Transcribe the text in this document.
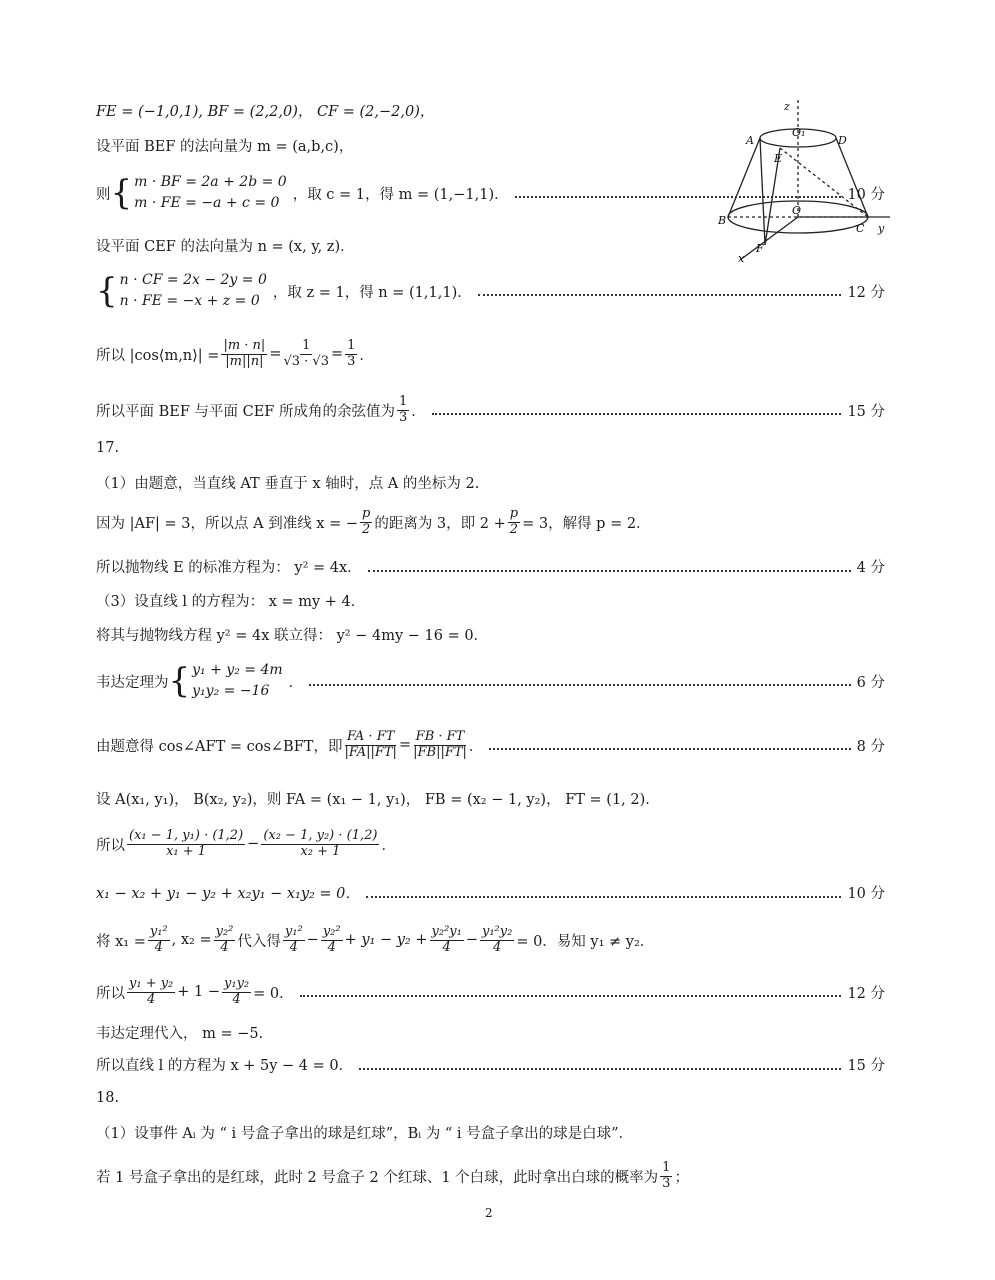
z
A
O₁
D
E
O
B
C y
F
x
FE = (−1,0,1), BF = (2,2,0)， CF = (2,−2,0)，
设平面 BEF 的法向量为 m = (a,b,c)，
则 { m · BF = 2a + 2b = 0
m · FE = −a + c = 0
，取 c = 1，得 m = (1,−1,1)．	10 分
设平面 CEF 的法向量为 n = (x, y, z)．
{ n · CF = 2x − 2y = 0
n · FE = −x + z = 0
，取 z = 1，得 n = (1,1,1)．	12 分
所以 |cos⟨m,n⟩| = $\frac{|m \cdot n|}{|m||n|} = \frac{1}{√3 \cdot √3} = \frac{1}{3}$ ．
所以平面 BEF 与平面 CEF 所成角的余弦值为 $\frac{1}{3}$ ．	15 分
17.
（1）由题意，当直线 AT 垂直于 x 轴时，点 A 的坐标为 2.
因为 |AF| = 3，所以点 A 到准线 x = − $\frac{p}{2}$ 的距离为 3，即 $2 + \frac{p}{2} = 3$，解得 p = 2．
所以抛物线 E 的标准方程为： y² = 4x．	4 分
（3）设直线 l 的方程为： x = my + 4．
将其与抛物线方程 y² = 4x 联立得： y² − 4my − 16 = 0．
韦达定理为 { y₁ + y₂ = 4m
y₁y₂ = −16
．	6 分
由题意得 cos∠AFT = cos∠BFT，即 $\frac{FA \cdot FT}{|FA||FT|} = \frac{FB \cdot FT}{|FB||FT|}$ ．	8 分
设 A(x₁, y₁)， B(x₂, y₂)，则 FA = (x₁ − 1, y₁)， FB = (x₂ − 1, y₂)， FT = (1, 2)．
所以 $\frac{\text{(x₁ − 1, y₁) · (1,2)}}{\text{x₁ + 1}} - \frac{\text{(x₂ − 1, y₂) · (1,2)}}{\text{x₂ + 1}}$ ．
x₁ − x₂ + y₁ − y₂ + x₂y₁ − x₁y₂ = 0．	10 分
将 $x_1 = \frac{\text{y₁²}}{4}$ , $x_2 = \frac{\text{y₂²}}{4}$ 代入得 $\frac{\text{y₁²}}{4} - \frac{\text{y₂²}}{4} + y_1 - y_2 + \frac{\text{y₂²y₁}}{4} - \frac{\text{y₁²y₂}}{4} = 0$．易知 y₁ ≠ y₂．
所以 $\frac{\text{y₁ + y₂}}{4} + 1 - \frac{\text{y₁y₂}}{4} = 0$．	12 分
韦达定理代入， m = −5．
所以直线 l 的方程为 x + 5y − 4 = 0．	15 分
18.
（1）设事件 Aᵢ 为 “ i 号盒子拿出的球是红球”，Bᵢ 为 “ i 号盒子拿出的球是白球”．
若 1 号盒子拿出的是红球，此时 2 号盒子 2 个红球、1 个白球，此时拿出白球的概率为 $\frac{1}{3}$ ；
2
